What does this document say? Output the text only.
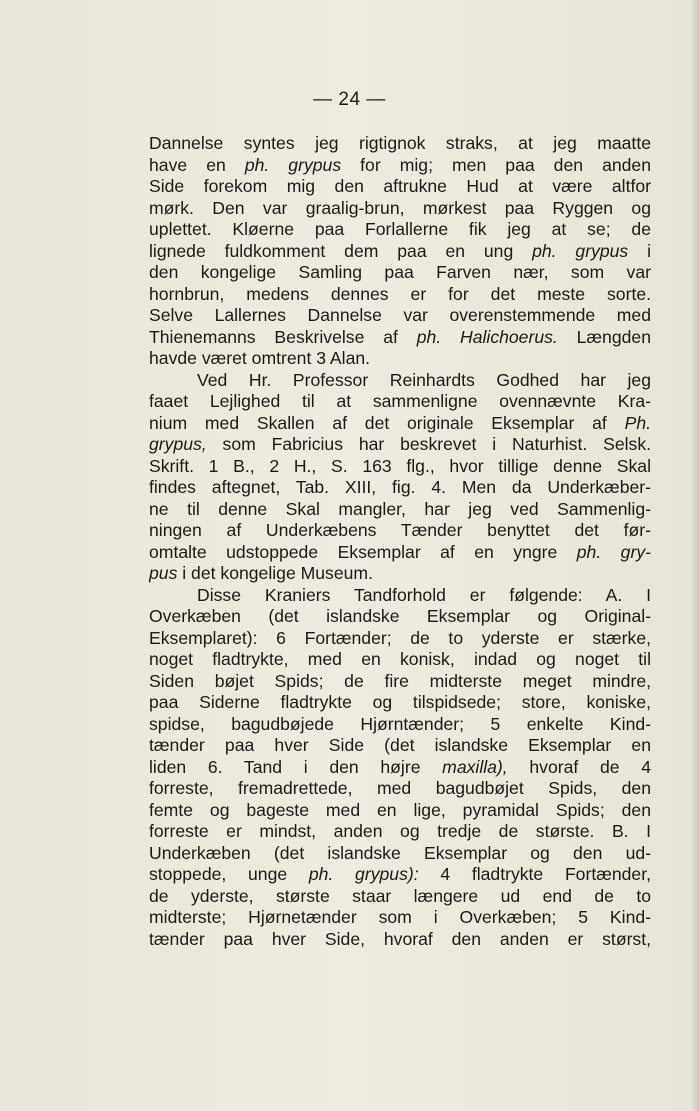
— 24 —
Dannelse syntes jeg rigtignok straks, at jeg maatte
have en ph. grypus for mig; men paa den anden
Side forekom mig den aftrukne Hud at være altfor
mørk. Den var graalig-brun, mørkest paa Ryggen og
uplettet. Kløerne paa Forlallerne fik jeg at se; de
lignede fuldkomment dem paa en ung ph. grypus i
den kongelige Samling paa Farven nær, som var
hornbrun, medens dennes er for det meste sorte.
Selve Lallernes Dannelse var overenstemmende med
Thienemanns Beskrivelse af ph. Halichoerus. Længden
havde været omtrent 3 Alan.
Ved Hr. Professor Reinhardts Godhed har jeg
faaet Lejlighed til at sammenligne ovennævnte Kra-
nium med Skallen af det originale Eksemplar af Ph.
grypus, som Fabricius har beskrevet i Naturhist. Selsk.
Skrift. 1 B., 2 H., S. 163 flg., hvor tillige denne Skal
findes aftegnet, Tab. XIII, fig. 4. Men da Underkæber-
ne til denne Skal mangler, har jeg ved Sammenlig-
ningen af Underkæbens Tænder benyttet det før-
omtalte udstoppede Eksemplar af en yngre ph. gry-
pus i det kongelige Museum.
Disse Kraniers Tandforhold er følgende: A. I
Overkæben (det islandske Eksemplar og Original-
Eksemplaret): 6 Fortænder; de to yderste er stærke,
noget fladtrykte, med en konisk, indad og noget til
Siden bøjet Spids; de fire midterste meget mindre,
paa Siderne fladtrykte og tilspidsede; store, koniske,
spidse, bagudbøjede Hjørntænder; 5 enkelte Kind-
tænder paa hver Side (det islandske Eksemplar en
liden 6. Tand i den højre maxilla), hvoraf de 4
forreste, fremadrettede, med bagudbøjet Spids, den
femte og bageste med en lige, pyramidal Spids; den
forreste er mindst, anden og tredje de største. B. I
Underkæben (det islandske Eksemplar og den ud-
stoppede, unge ph. grypus): 4 fladtrykte Fortænder,
de yderste, største staar længere ud end de to
midterste; Hjørnetænder som i Overkæben; 5 Kind-
tænder paa hver Side, hvoraf den anden er størst,
